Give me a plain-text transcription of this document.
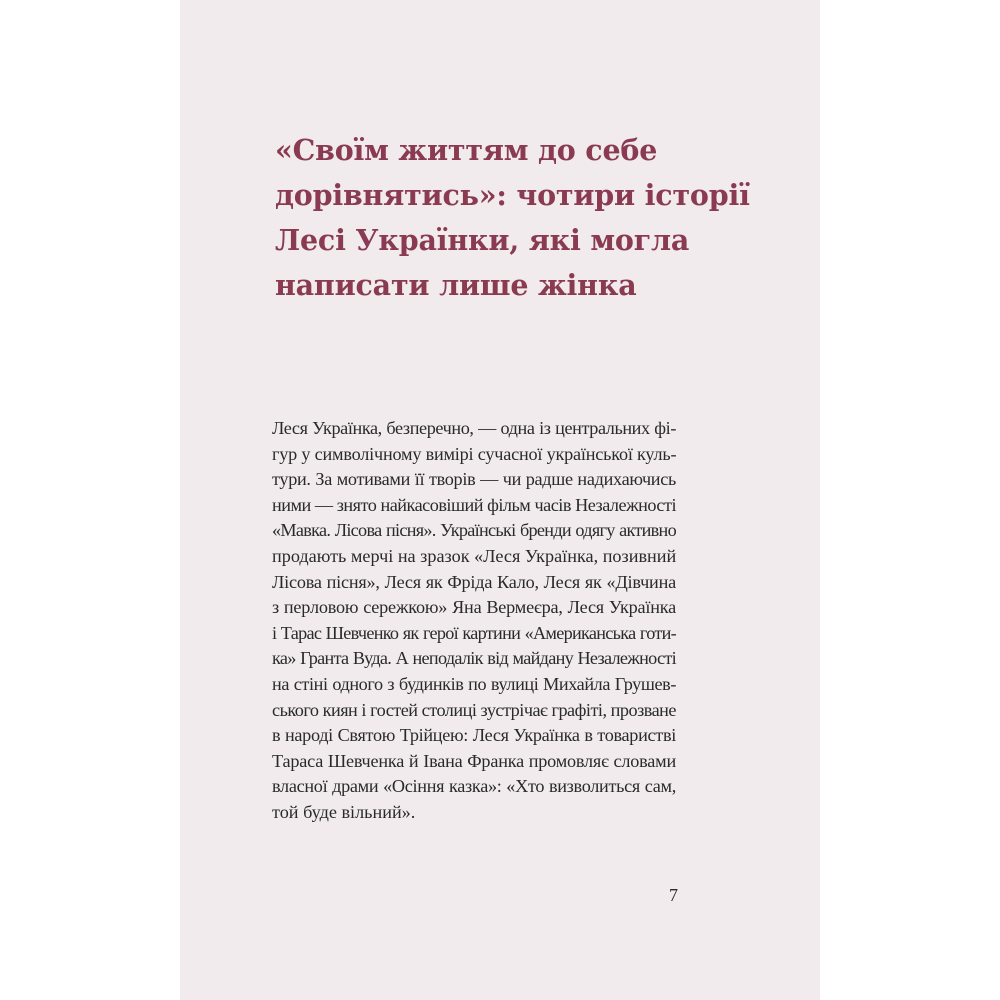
«Своїм життям до себе
дорівнятись»: чотири історії
Лесі Українки, які могла
написати лише жінка
Леся Українка, безперечно, — одна із центральних фі-
гур у символічному вимірі сучасної української куль-
тури. За мотивами її творів — чи радше надихаючись
ними — знято найкасовіший фільм часів Незалежності
«Мавка. Лісова пісня». Українські бренди одягу активно
продають мерчі на зразок «Леся Українка, позивний
Лісова пісня», Леся як Фріда Кало, Леся як «Дівчина
з перловою сережкою» Яна Вермеєра, Леся Українка
і Тарас Шевченко як герої картини «Американська готи-
ка» Гранта Вуда. А неподалік від майдану Незалежності
на стіні одного з будинків по вулиці Михайла Грушев-
ського киян і гостей столиці зустрічає графіті, прозване
в народі Святою Трійцею: Леся Українка в товаристві
Тараса Шевченка й Івана Франка промовляє словами
власної драми «Осіння казка»: «Хто визволиться сам,
той буде вільний».
7
